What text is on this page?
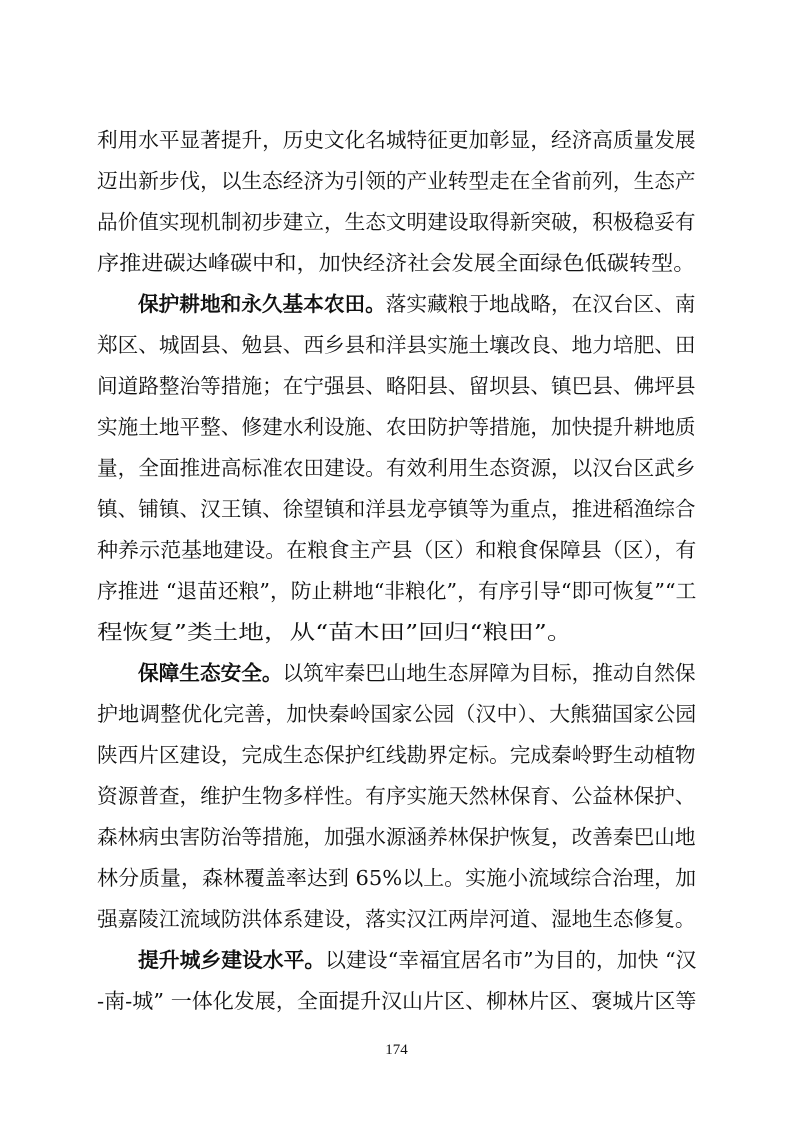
利用水平显著提升，历史文化名城特征更加彰显，经济高质量发展
迈出新步伐，以生态经济为引领的产业转型走在全省前列，生态产
品价值实现机制初步建立，生态文明建设取得新突破，积极稳妥有
序推进碳达峰碳中和，加快经济社会发展全面绿色低碳转型。
保护耕地和永久基本农田。落实藏粮于地战略，在汉台区、南
郑区、城固县、勉县、西乡县和洋县实施土壤改良、地力培肥、田
间道路整治等措施；在宁强县、略阳县、留坝县、镇巴县、佛坪县
实施土地平整、修建水利设施、农田防护等措施，加快提升耕地质
量，全面推进高标准农田建设。有效利用生态资源，以汉台区武乡
镇、铺镇、汉王镇、徐望镇和洋县龙亭镇等为重点，推进稻渔综合
种养示范基地建设。在粮食主产县（区）和粮食保障县（区），有
序推进 “退苗还粮”，防止耕地“非粮化”，有序引导“即可恢复”“工
程恢复”类土地，从“苗木田”回归“粮田”。
保障生态安全。以筑牢秦巴山地生态屏障为目标，推动自然保
护地调整优化完善，加快秦岭国家公园（汉中）、大熊猫国家公园
陕西片区建设，完成生态保护红线勘界定标。完成秦岭野生动植物
资源普查，维护生物多样性。有序实施天然林保育、公益林保护、
森林病虫害防治等措施，加强水源涵养林保护恢复，改善秦巴山地
林分质量，森林覆盖率达到 65%以上。实施小流域综合治理，加
强嘉陵江流域防洪体系建设，落实汉江两岸河道、湿地生态修复。
提升城乡建设水平。以建设“幸福宜居名市”为目的，加快 “汉
-南-城” 一体化发展，全面提升汉山片区、柳林片区、褒城片区等
174
